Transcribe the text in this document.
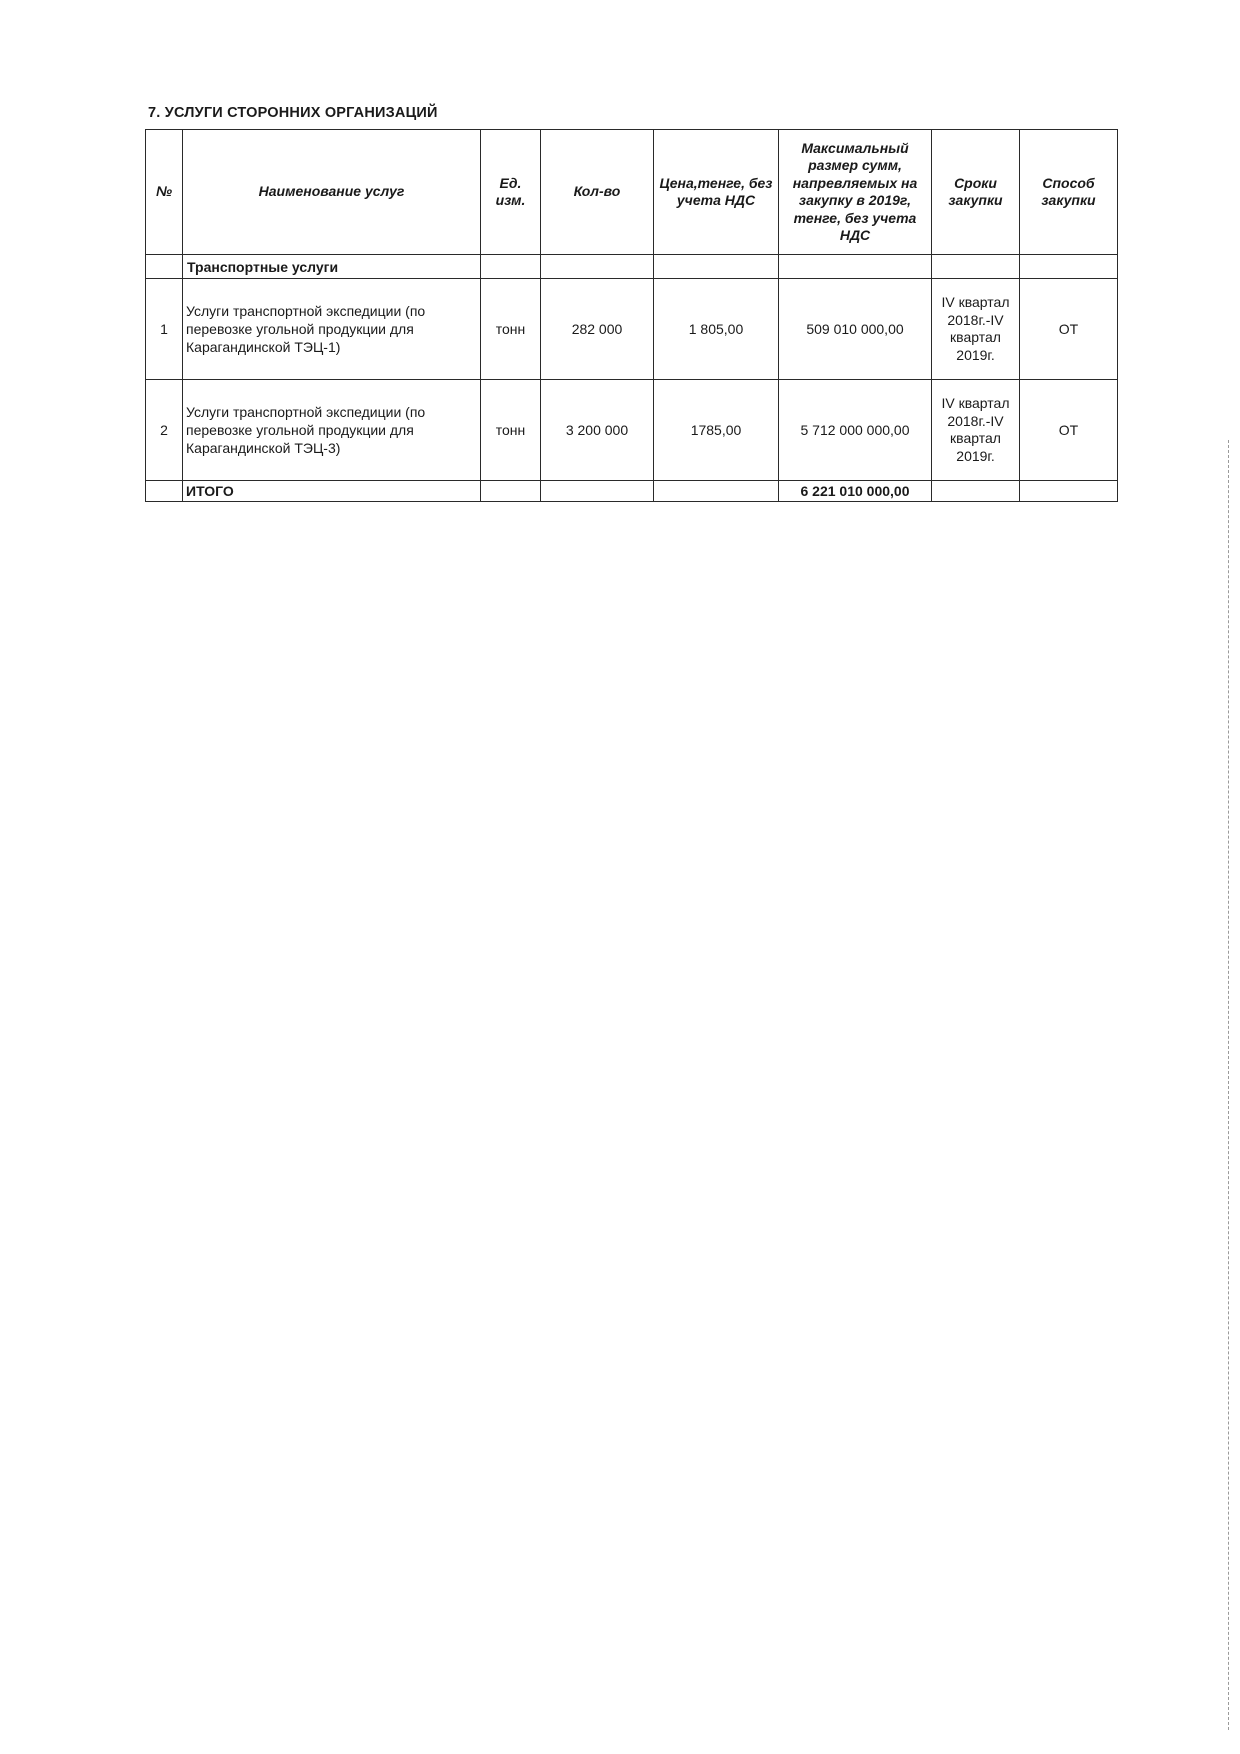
7. УСЛУГИ СТОРОННИХ ОРГАНИЗАЦИЙ
№	Наименование услуг	Ед. изм.	Кол-во	Цена,тенге, без учета НДС	Максимальный размер сумм, напревляемых на закупку в 2019г, тенге, без учета НДС	Сроки закупки	Способ закупки
	Транспортные услуги						
1	Услуги транспортной экспедиции (по перевозке угольной продукции для Карагандинской ТЭЦ-1)	тонн	282 000	1 805,00	509 010 000,00	IV квартал 2018г.-IV квартал 2019г.	ОТ
2	Услуги транспортной экспедиции (по перевозке угольной продукции для Карагандинской ТЭЦ-3)	тонн	3 200 000	1785,00	5 712 000 000,00	IV квартал 2018г.-IV квартал 2019г.	ОТ
	ИТОГО				6 221 010 000,00		
